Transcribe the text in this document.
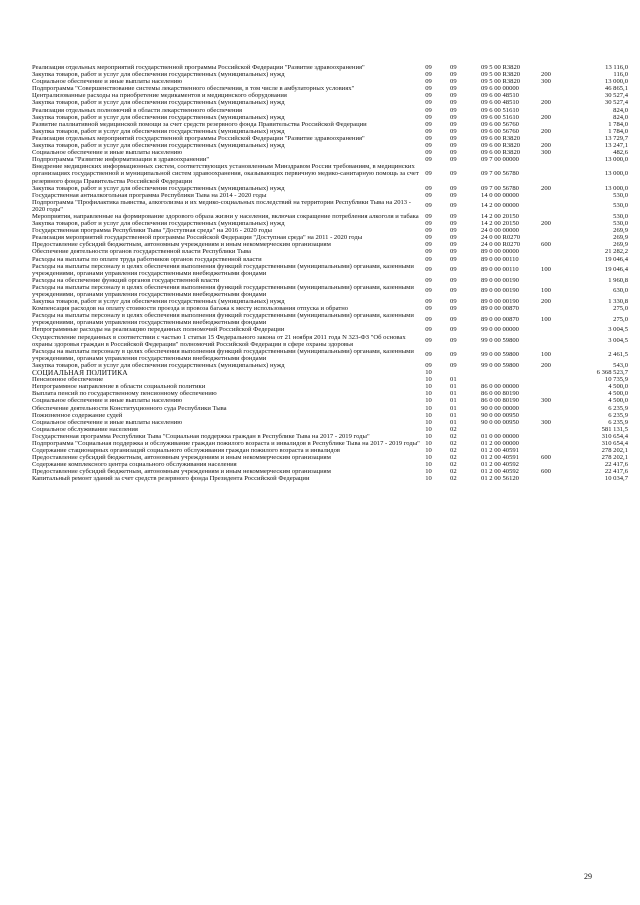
Реализация отдельных мероприятий государственной программы Российской Федерации "Развитие здравоохранения"	09	09	09 5 00 R3820		13 116,0
Закупка товаров, работ и услуг для обеспечения государственных (муниципальных) нужд	09	09	09 5 00 R3820	200	116,0
Социальное обеспечение и иные выплаты населению	09	09	09 5 00 R3820	300	13 000,0
Подпрограмма "Совершенствование системы лекарственного обеспечения, в том числе в амбулаторных условиях"	09	09	09 6 00 00000		46 865,1
Централизованные расходы на приобретение медикаментов и медицинского оборудования	09	09	09 6 00 48510		30 527,4
Закупка товаров, работ и услуг для обеспечения государственных (муниципальных) нужд	09	09	09 6 00 48510	200	30 527,4
Реализация отдельных полномочий в области лекарственного обеспечения	09	09	09 6 00 51610		824,0
Закупка товаров, работ и услуг для обеспечения государственных (муниципальных) нужд	09	09	09 6 00 51610	200	824,0
Развитие паллиативной медицинской помощи за счет средств резервного фонда Правительства Российской Федерации	09	09	09 6 00 56760		1 784,0
Закупка товаров, работ и услуг для обеспечения государственных (муниципальных) нужд	09	09	09 6 00 56760	200	1 784,0
Реализация отдельных мероприятий государственной программы Российской Федерации "Развитие здравоохранения"	09	09	09 6 00 R3820		13 729,7
Закупка товаров, работ и услуг для обеспечения государственных (муниципальных) нужд	09	09	09 6 00 R3820	200	13 247,1
Социальное обеспечение и иные выплаты населению	09	09	09 6 00 R3820	300	482,6
Подпрограмма "Развитие информатизации в здравоохранении"	09	09	09 7 00 00000		13 000,0
Внедрение медицинских информационных систем, соответствующих установленным Минздравом России требованиям, в медицинских организациях государственной и муниципальной систем здравоохранения, оказывающих первичную медико-санитарную помощь за счет резервного фонда Правительства Российской Федерации	09	09	09 7 00 56780		13 000,0
Закупка товаров, работ и услуг для обеспечения государственных (муниципальных) нужд	09	09	09 7 00 56780	200	13 000,0
Государственная антиалкогольная программа Республики Тыва на 2014 - 2020 годы	09	09	14 0 00 00000		530,0
Подпрограмма "Профилактика пьянства, алкоголизма и их медико-социальных последствий на территории Республики Тыва на 2013 - 2020 годы"	09	09	14 2 00 00000		530,0
Мероприятия, направленные на формирование здорового образа жизни у населения, включая сокращение потребления алкоголя и табака	09	09	14 2 00 20150		530,0
Закупка товаров, работ и услуг для обеспечения государственных (муниципальных) нужд	09	09	14 2 00 20150	200	530,0
Государственная программа Республики Тыва "Доступная среда" на 2016 - 2020 годы	09	09	24 0 00 00000		269,9
Реализация мероприятий государственной программы Российской Федерации "Доступная среда" на 2011 - 2020 годы	09	09	24 0 00 R0270		269,9
Предоставление субсидий бюджетным, автономным учреждениям и иным некоммерческим организациям	09	09	24 0 00 R0270	600	269,9
Обеспечение деятельности органов государственной власти Республики Тыва	09	09	89 0 00 00000		21 282,2
Расходы на выплаты по оплате труда работников органов государственной власти	09	09	89 0 00 00110		19 046,4
Расходы на выплаты персоналу в целях обеспечения выполнения функций государственными (муниципальными) органами, казенными учреждениями, органами управления государственными внебюджетными фондами	09	09	89 0 00 00110	100	19 046,4
Расходы на обеспечение функций органов государственной власти	09	09	89 0 00 00190		1 960,8
Расходы на выплаты персоналу в целях обеспечения выполнения функций государственными (муниципальными) органами, казенными учреждениями, органами управления государственными внебюджетными фондами	09	09	89 0 00 00190	100	630,0
Закупка товаров, работ и услуг для обеспечения государственных (муниципальных) нужд	09	09	89 0 00 00190	200	1 330,8
Компенсация расходов на оплату стоимости проезда и провоза багажа к месту использования отпуска и обратно	09	09	89 0 00 00870		275,0
Расходы на выплаты персоналу в целях обеспечения выполнения функций государственными (муниципальными) органами, казенными учреждениями, органами управления государственными внебюджетными фондами	09	09	89 0 00 00870	100	275,0
Непрограммные расходы на реализацию переданных полномочий Российской Федерации	09	09	99 0 00 00000		3 004,5
Осуществление переданных в соответствии с частью 1 статьи 15 Федерального закона от 21 ноября 2011 года N 323-ФЗ "Об основах охраны здоровья граждан в Российской Федерации" полномочий Российской Федерации в сфере охраны здоровья	09	09	99 0 00 59800		3 004,5
Расходы на выплаты персоналу в целях обеспечения выполнения функций государственными (муниципальными) органами, казенными учреждениями, органами управления государственными внебюджетными фондами	09	09	99 0 00 59800	100	2 461,5
Закупка товаров, работ и услуг для обеспечения государственных (муниципальных) нужд	09	09	99 0 00 59800	200	543,0
СОЦИАЛЬНАЯ ПОЛИТИКА	10				6 368 523,7
Пенсионное обеспечение	10	01			10 735,9
Непрограммное направление в области социальной политики	10	01	86 0 00 00000		4 500,0
Выплата пенсий по государственному пенсионному обеспечению	10	01	86 0 00 80190		4 500,0
Социальное обеспечение и иные выплаты населению	10	01	86 0 00 80190	300	4 500,0
Обеспечение деятельности Конституционного суда Республики Тыва	10	01	90 0 00 00000		6 235,9
Пожизненное содержание судей	10	01	90 0 00 00950		6 235,9
Социальное обеспечение и иные выплаты населению	10	01	90 0 00 00950	300	6 235,9
Социальное обслуживание населения	10	02			581 131,5
Государственная программа Республики Тыва "Социальная поддержка граждан в Республике Тыва на 2017 - 2019 годы"	10	02	01 0 00 00000		310 654,4
Подпрограмма "Социальная поддержка и обслуживание граждан пожилого возраста и инвалидов в Республике Тыва на 2017 - 2019 годы"	10	02	01 2 00 00000		310 654,4
Содержание стационарных организаций социального обслуживания граждан пожилого возраста и инвалидов	10	02	01 2 00 40591		278 202,1
Предоставление субсидий бюджетным, автономным учреждениям и иным некоммерческим организациям	10	02	01 2 00 40591	600	278 202,1
Содержание комплексного центра социального обслуживания населения	10	02	01 2 00 40592		22 417,6
Предоставление субсидий бюджетным, автономным учреждениям и иным некоммерческим организациям	10	02	01 2 00 40592	600	22 417,6
Капитальный ремонт зданий за счет средств резервного фонда Президента Российской Федерации	10	02	01 2 00 56120		10 034,7
29
